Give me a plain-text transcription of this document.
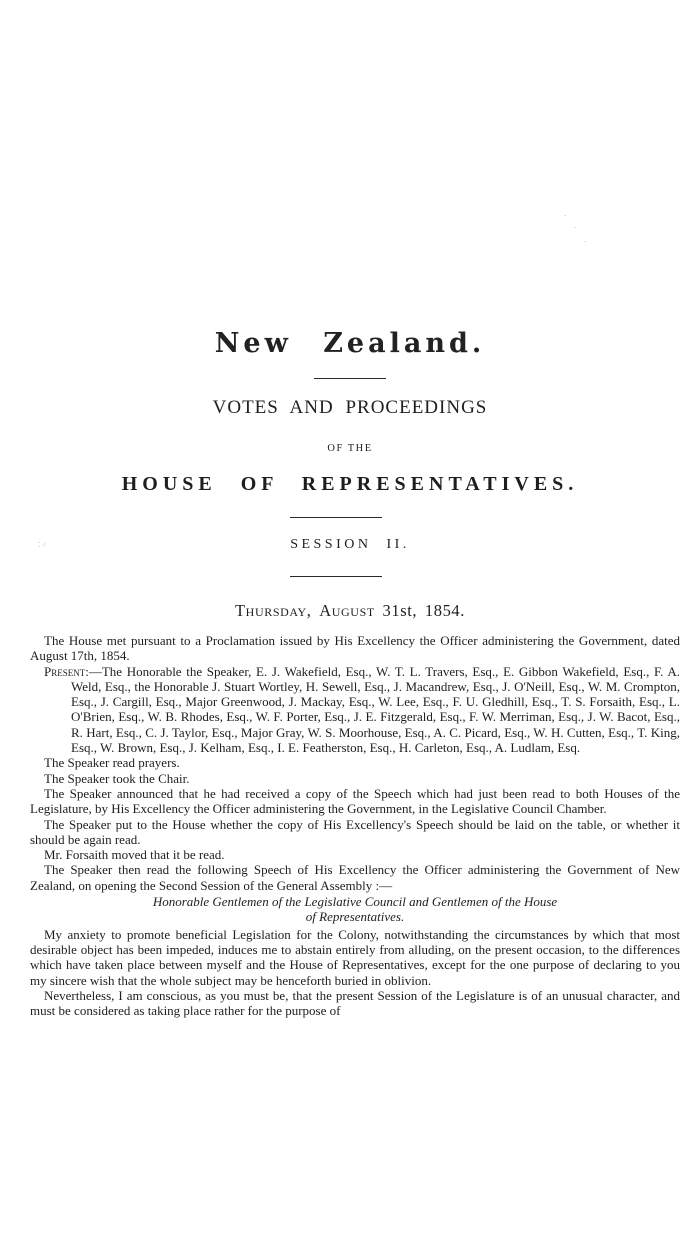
New Zealand.
VOTES AND PROCEEDINGS
OF THE
HOUSE OF REPRESENTATIVES.
SESSION II.
Thursday, August 31st, 1854.

The House met pursuant to a Proclamation issued by His Excellency the Officer administering the Government, dated August 17th, 1854.

Present:—The Honorable the Speaker, E. J. Wakefield, Esq., W. T. L. Travers, Esq., E. Gibbon Wakefield, Esq., F. A. Weld, Esq., the Honorable J. Stuart Wortley, H. Sewell, Esq., J. Macandrew, Esq., J. O'Neill, Esq., W. M. Crompton, Esq., J. Cargill, Esq., Major Greenwood, J. Mackay, Esq., W. Lee, Esq., F. U. Gledhill, Esq., T. S. Forsaith, Esq., L. O'Brien, Esq., W. B. Rhodes, Esq., W. F. Porter, Esq., J. E. Fitzgerald, Esq., F. W. Merriman, Esq., J. W. Bacot, Esq., R. Hart, Esq., C. J. Taylor, Esq., Major Gray, W. S. Moorhouse, Esq., A. C. Picard, Esq., W. H. Cutten, Esq., T. King, Esq., W. Brown, Esq., J. Kelham, Esq., I. E. Featherston, Esq., H. Carleton, Esq., A. Ludlam, Esq.

The Speaker read prayers.

The Speaker took the Chair.

The Speaker announced that he had received a copy of the Speech which had just been read to both Houses of the Legislature, by His Excellency the Officer administering the Government, in the Legislative Council Chamber.

The Speaker put to the House whether the copy of His Excellency's Speech should be laid on the table, or whether it should be again read.

Mr. Forsaith moved that it be read.

The Speaker then read the following Speech of His Excellency the Officer administering the Government of New Zealand, on opening the Second Session of the General Assembly :—

Honorable Gentlemen of the Legislative Council and Gentlemen of the House
of Representatives.

My anxiety to promote beneficial Legislation for the Colony, notwithstanding the circumstances by which that most desirable object has been impeded, induces me to abstain entirely from alluding, on the present occasion, to the differences which have taken place between myself and the House of Representatives, except for the one purpose of declaring to you my sincere wish that the whole subject may be henceforth buried in oblivion.

Nevertheless, I am conscious, as you must be, that the present Session of the Legislature is of an unusual character, and must be considered as taking place rather for the purpose of

·
·
·
⁚ ⁖
